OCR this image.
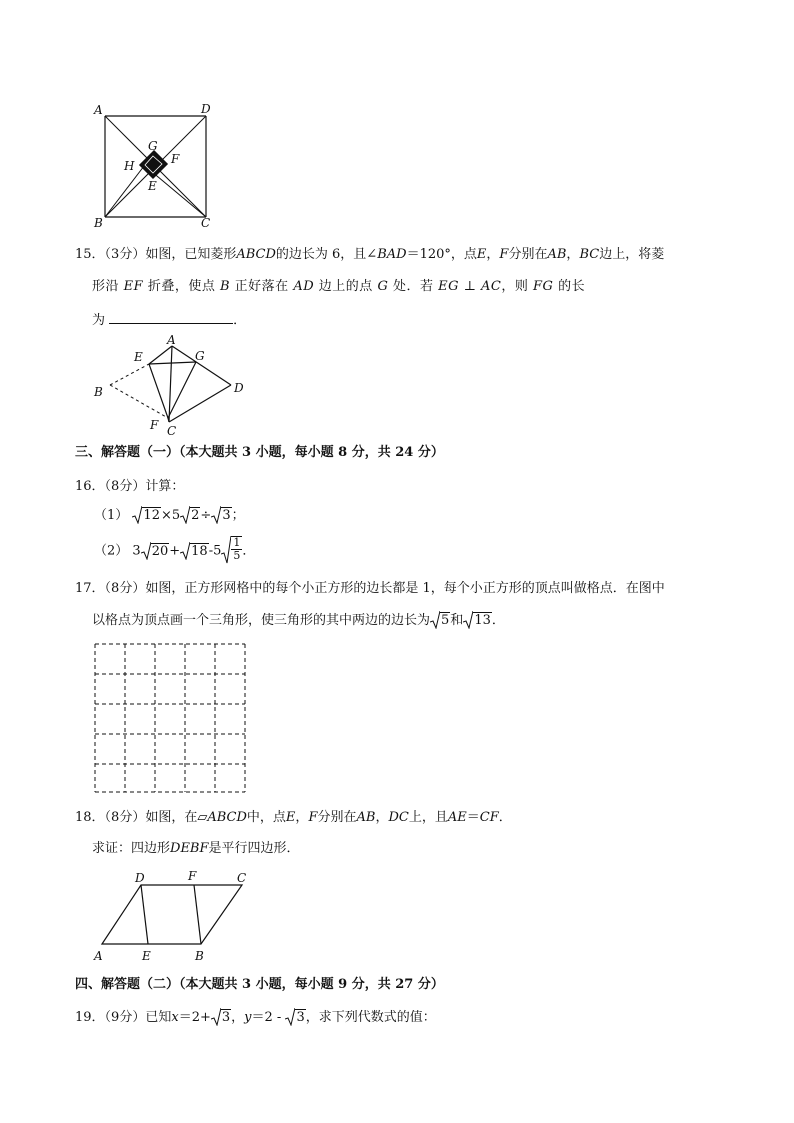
A	D
G
H	F
E
B	C
15．（3分）如图，已知菱形ABCD的边长为 6，且∠BAD＝120°，点E，F分别在AB，BC边上，将菱
形沿 EF 折叠，使点 B 正好落在 AD 边上的点 G 处．若 EG ⊥ AC，则 FG 的长
为	．
E
A
G
B	D
F C
三、解答题（一）（本大题共 3 小题，每小题 8 分，共 24 分）
16．（8分）计算：
（1） 12×5 2÷ 3；
（2） 3 $20+ 18-5 \frac{1}{5}$ ．
17．（8分）如图，正方形网格中的每个小正方形的边长都是 1，每个小正方形的顶点叫做格点．在图中
以格点为顶点画一个三角形，使三角形的其中两边的边长为 5和 13．
18．（8分）如图，在▱ABCD中，点E，F分别在AB，DC上，且AE＝CF．
求证：四边形DEBF是平行四边形．
D	F	C
A	E	B
四、解答题（二）（本大题共 3 小题，每小题 9 分，共 27 分）
19．（9分）已知x＝2+ 3，y＝2 -
3，求下列代数式的值：
